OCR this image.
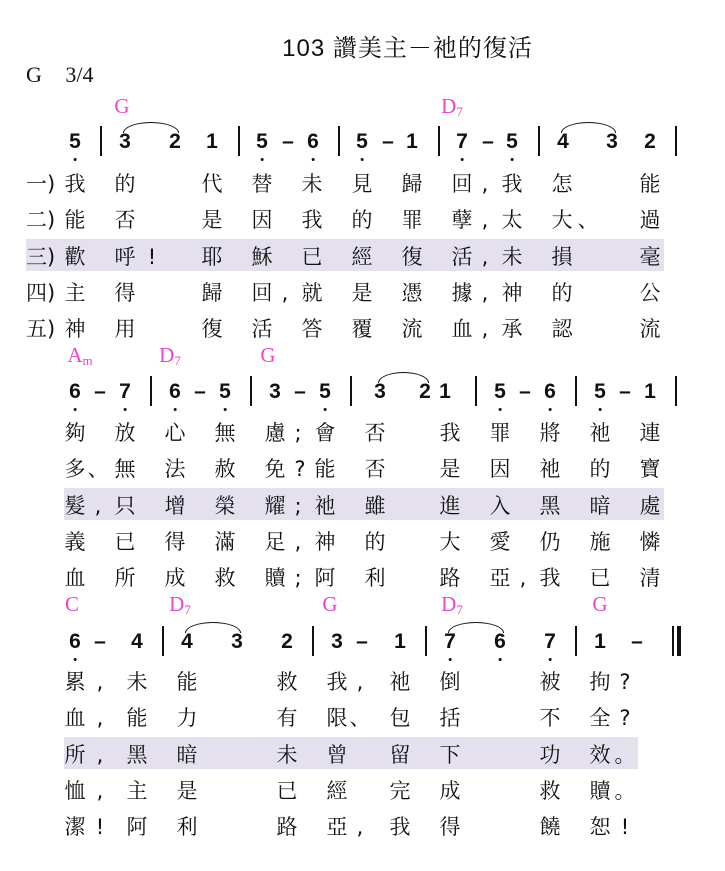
103 讚美主－祂的復活
G 3/4
G	$D_7$
5 3 2 1 5 – 6 5 – 1 7 – 5 4 3 2
一) 我 的	代 替 未 見 歸 回 , 我 怎	能
二) 能 否	是 因 我 的 罪 孽 , 太 大 、 過
三) 歡 呼 ! 耶 穌 已 經 復 活 , 未 損	毫
四) 主 得	歸 回 , 就 是 憑 據 , 神 的	公
五) 神 用	復 活 答 覆 流 血 , 承 認	流
$A_m$	$D_7$	G
6 – 7 6 – 5 3 – 5 3 2 1 5 – 6 5 – 1
夠 放 心 無 慮 ; 會 否	我 罪 將 祂 連
多 、 無 法 赦 免 ? 能 否	是 因 祂 的 寶
髮 , 只 增 榮 耀 ; 祂 雖	進 入 黑 暗 處
義 已 得 滿 足 , 神 的	大 愛 仍 施 憐
血 所 成 救 贖 ; 阿 利	路 亞 , 我 已 清
C	$D_7$	G	$D_7$	G
6 – 4 4 3 2 3 – 1 7 6 7 1 –
累 , 未 能	救 我 , 祂 倒	被 拘 ?
血 , 能 力	有 限 、 包 括	不 全 ?
所 , 黑 暗	未 曾 留 下	功 效 。
恤 , 主 是	已 經 完 成	救 贖 。
潔 ! 阿 利	路 亞 , 我 得	饒 恕 !
